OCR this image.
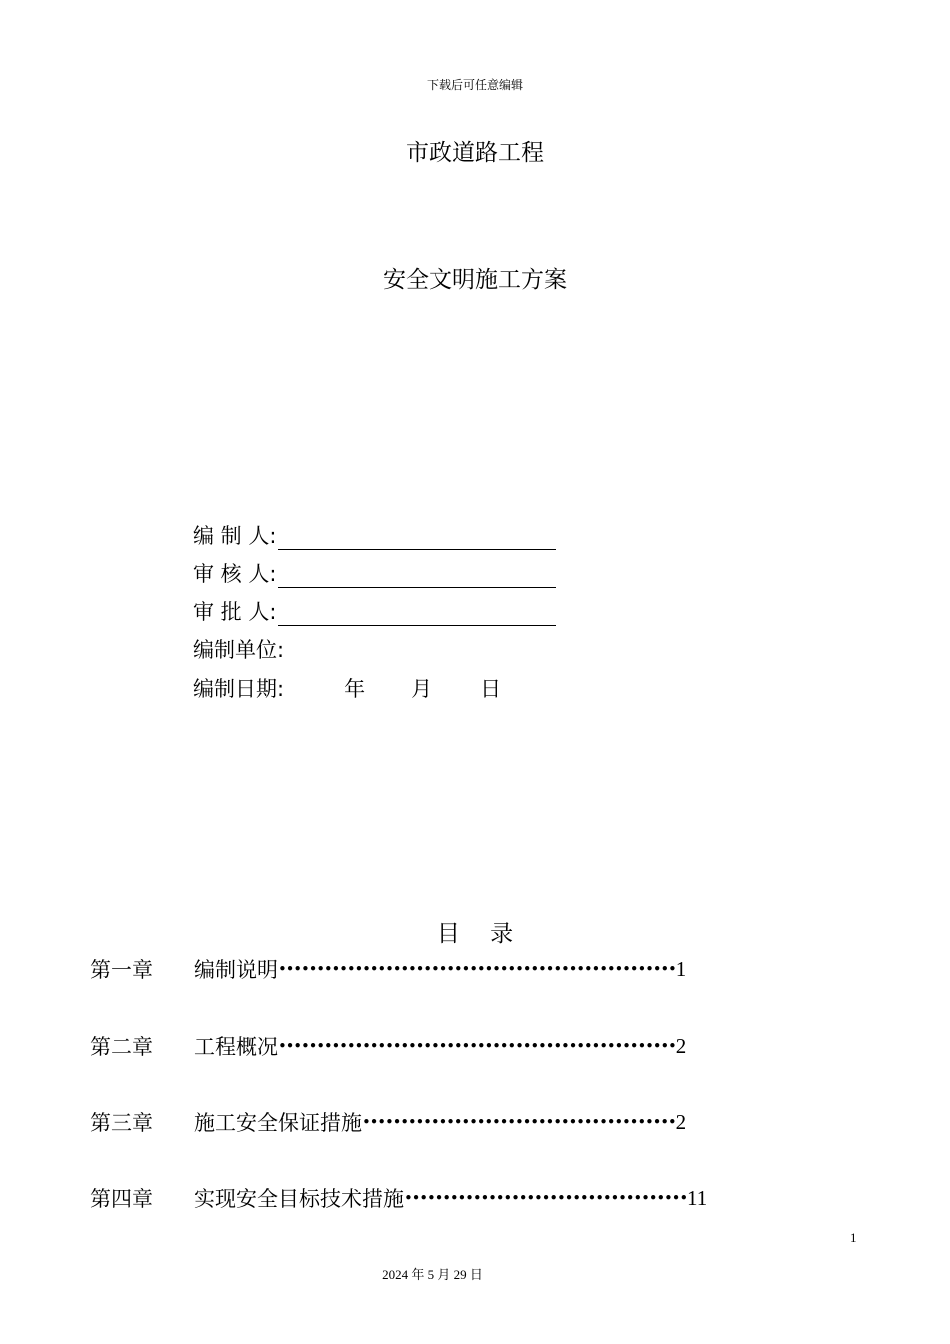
下载后可任意编辑
市政道路工程
安全文明施工方案
编 制 人:
审 核 人:
审 批 人:
编制单位:
编制日期:	年 月 日
目　 录
第一章	编制说明 •••••••••••••••••••••••••••••••••••••••••••••••••••• 1
第二章	工程概况 •••••••••••••••••••••••••••••••••••••••••••••••••••• 2
第三章	施工安全保证措施 ••••••••••••••••••••••••••••••••••••••••• 2
第四章	实现安全目标技术措施 ••••••••••••••••••••••••••••••••••••• 11
1
2024 年 5 月 29 日
